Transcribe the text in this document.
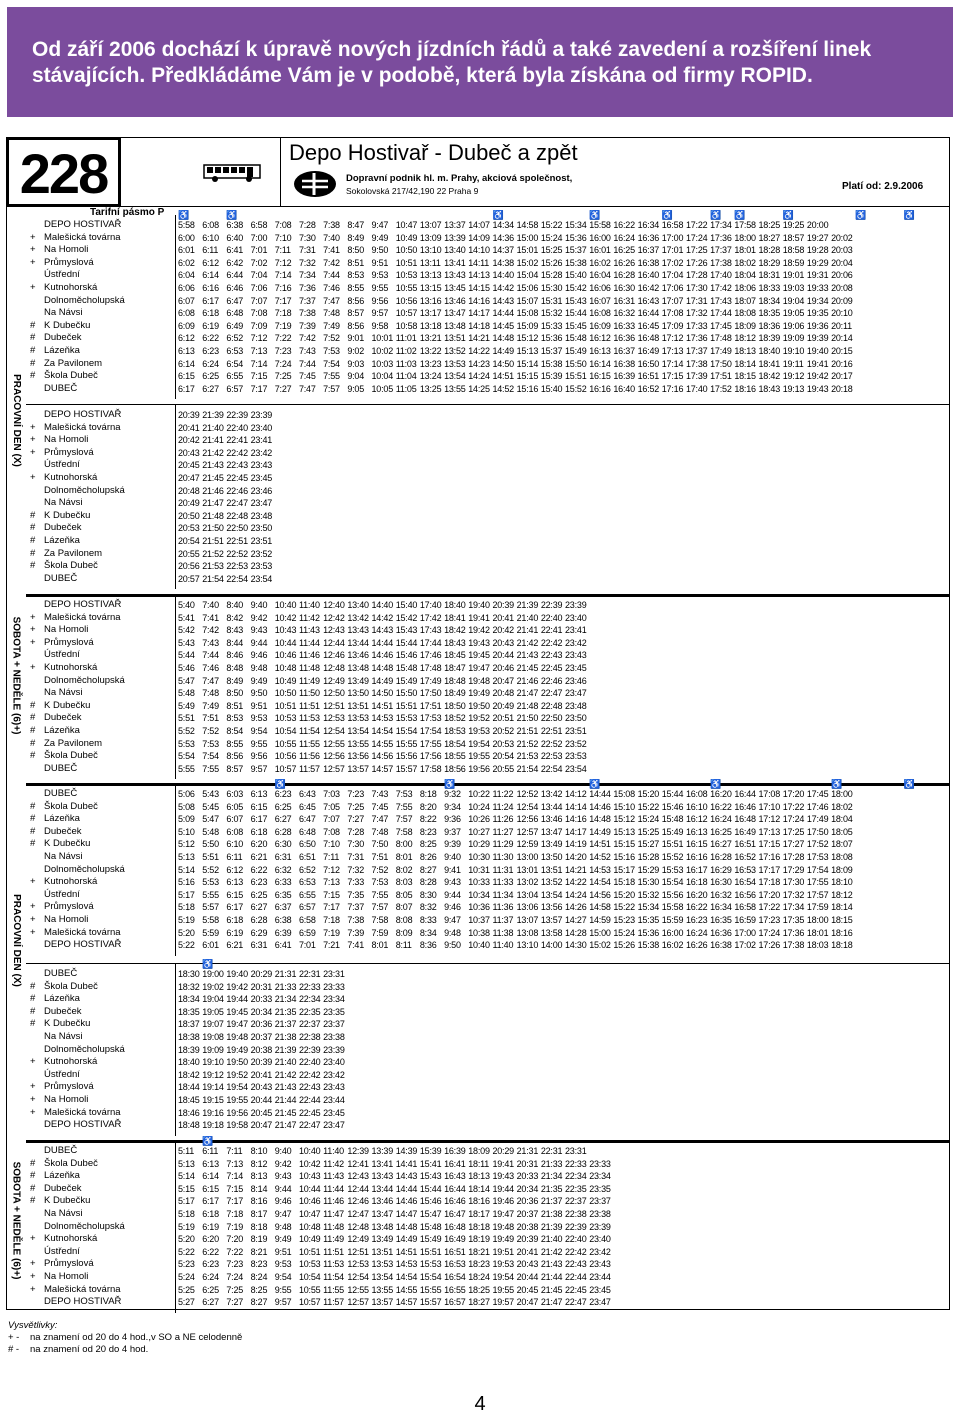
Od září 2006 dochází k úpravě nových jízdních řádů a také zavedení a rozšíření linek stávajících. Předkládáme Vám je v podobě, která byla získána od firmy ROPID.
228	Depo Hostivař - Dubeč a zpět
Dopravní podnik hl. m. Prahy, akciová společnost,
Sokolovská 217/42,190 22 Praha 9	Platí od: 2.9.2006
Tarifní pásmo P
PRACOVNÍ DEN (X)
SOBOTA + NEDĚLE (6)+)
PRACOVNÍ DEN (X)
SOBOTA + NEDĚLE (6)+)
♿	♿	♿	♿	♿	♿ ♿	♿	♿	♿
DEPO HOSTIVAŘ	5:58 6:08 6:38 6:58 7:08 7:28 7:38 8:47 9:47 10:47 13:07 13:37 14:07 14:34 14:58 15:22 15:34 15:58 16:22 16:34 16:58 17:22 17:34 17:58 18:25 19:25 20:00
+ Malešická továrna	6:00 6:10 6:40 7:00 7:10 7:30 7:40 8:49 9:49 10:49 13:09 13:39 14:09 14:36 15:00 15:24 15:36 16:00 16:24 16:36 17:00 17:24 17:36 18:00 18:27 18:57 19:27 20:02
+ Na Homoli	6:01 6:11 6:41 7:01 7:11 7:31 7:41 8:50 9:50 10:50 13:10 13:40 14:10 14:37 15:01 15:25 15:37 16:01 16:25 16:37 17:01 17:25 17:37 18:01 18:28 18:58 19:28 20:03
+ Průmyslová	6:02 6:12 6:42 7:02 7:12 7:32 7:42 8:51 9:51 10:51 13:11 13:41 14:11 14:38 15:02 15:26 15:38 16:02 16:26 16:38 17:02 17:26 17:38 18:02 18:29 18:59 19:29 20:04
Ústřední	6:04 6:14 6:44 7:04 7:14 7:34 7:44 8:53 9:53 10:53 13:13 13:43 14:13 14:40 15:04 15:28 15:40 16:04 16:28 16:40 17:04 17:28 17:40 18:04 18:31 19:01 19:31 20:06
+ Kutnohorská	6:06 6:16 6:46 7:06 7:16 7:36 7:46 8:55 9:55 10:55 13:15 13:45 14:15 14:42 15:06 15:30 15:42 16:06 16:30 16:42 17:06 17:30 17:42 18:06 18:33 19:03 19:33 20:08
Dolnoměcholupská	6:07 6:17 6:47 7:07 7:17 7:37 7:47 8:56 9:56 10:56 13:16 13:46 14:16 14:43 15:07 15:31 15:43 16:07 16:31 16:43 17:07 17:31 17:43 18:07 18:34 19:04 19:34 20:09
Na Návsi	6:08 6:18 6:48 7:08 7:18 7:38 7:48 8:57 9:57 10:57 13:17 13:47 14:17 14:44 15:08 15:32 15:44 16:08 16:32 16:44 17:08 17:32 17:44 18:08 18:35 19:05 19:35 20:10
# K Dubečku	6:09 6:19 6:49 7:09 7:19 7:39 7:49 8:56 9:58 10:58 13:18 13:48 14:18 14:45 15:09 15:33 15:45 16:09 16:33 16:45 17:09 17:33 17:45 18:09 18:36 19:06 19:36 20:11
# Dubeček	6:12 6:22 6:52 7:12 7:22 7:42 7:52 9:01 10:01 11:01 13:21 13:51 14:21 14:48 15:12 15:36 15:48 16:12 16:36 16:48 17:12 17:36 17:48 18:12 18:39 19:09 19:39 20:14
# Lázeňka	6:13 6:23 6:53 7:13 7:23 7:43 7:53 9:02 10:02 11:02 13:22 13:52 14:22 14:49 15:13 15:37 15:49 16:13 16:37 16:49 17:13 17:37 17:49 18:13 18:40 19:10 19:40 20:15
# Za Pavilonem	6:14 6:24 6:54 7:14 7:24 7:44 7:54 9:03 10:03 11:03 13:23 13:53 14:23 14:50 15:14 15:38 15:50 16:14 16:38 16:50 17:14 17:38 17:50 18:14 18:41 19:11 19:41 20:16
# Škola Dubeč	6:15 6:25 6:55 7:15 7:25 7:45 7:55 9:04 10:04 11:04 13:24 13:54 14:24 14:51 15:15 15:39 15:51 16:15 16:39 16:51 17:15 17:39 17:51 18:15 18:42 19:12 19:42 20:17
DUBEČ	6:17 6:27 6:57 7:17 7:27 7:47 7:57 9:05 10:05 11:05 13:25 13:55 14:25 14:52 15:16 15:40 15:52 16:16 16:40 16:52 17:16 17:40 17:52 18:16 18:43 19:13 19:43 20:18
DEPO HOSTIVAŘ	20:39 21:39 22:39 23:39
+ Malešická továrna	20:41 21:40 22:40 23:40
+ Na Homoli	20:42 21:41 22:41 23:41
+ Průmyslová	20:43 21:42 22:42 23:42
Ústřední	20:45 21:43 22:43 23:43
+ Kutnohorská	20:47 21:45 22:45 23:45
Dolnoměcholupská	20:48 21:46 22:46 23:46
Na Návsi	20:49 21:47 22:47 23:47
# K Dubečku	20:50 21:48 22:48 23:48
# Dubeček	20:53 21:50 22:50 23:50
# Lázeňka	20:54 21:51 22:51 23:51
# Za Pavilonem	20:55 21:52 22:52 23:52
# Škola Dubeč	20:56 21:53 22:53 23:53
DUBEČ	20:57 21:54 22:54 23:54
DEPO HOSTIVAŘ	5:40 7:40 8:40 9:40 10:40 11:40 12:40 13:40 14:40 15:40 17:40 18:40 19:40 20:39 21:39 22:39 23:39
+ Malešická továrna	5:41 7:41 8:42 9:42 10:42 11:42 12:42 13:42 14:42 15:42 17:42 18:41 19:41 20:41 21:40 22:40 23:40
+ Na Homoli	5:42 7:42 8:43 9:43 10:43 11:43 12:43 13:43 14:43 15:43 17:43 18:42 19:42 20:42 21:41 22:41 23:41
+ Průmyslová	5:43 7:43 8:44 9:44 10:44 11:44 12:44 13:44 14:44 15:44 17:44 18:43 19:43 20:43 21:42 22:42 23:42
Ústřední	5:44 7:44 8:46 9:46 10:46 11:46 12:46 13:46 14:46 15:46 17:46 18:45 19:45 20:44 21:43 22:43 23:43
+ Kutnohorská	5:46 7:46 8:48 9:48 10:48 11:48 12:48 13:48 14:48 15:48 17:48 18:47 19:47 20:46 21:45 22:45 23:45
Dolnoměcholupská	5:47 7:47 8:49 9:49 10:49 11:49 12:49 13:49 14:49 15:49 17:49 18:48 19:48 20:47 21:46 22:46 23:46
Na Návsi	5:48 7:48 8:50 9:50 10:50 11:50 12:50 13:50 14:50 15:50 17:50 18:49 19:49 20:48 21:47 22:47 23:47
# K Dubečku	5:49 7:49 8:51 9:51 10:51 11:51 12:51 13:51 14:51 15:51 17:51 18:50 19:50 20:49 21:48 22:48 23:48
# Dubeček	5:51 7:51 8:53 9:53 10:53 11:53 12:53 13:53 14:53 15:53 17:53 18:52 19:52 20:51 21:50 22:50 23:50
# Lázeňka	5:52 7:52 8:54 9:54 10:54 11:54 12:54 13:54 14:54 15:54 17:54 18:53 19:53 20:52 21:51 22:51 23:51
# Za Pavilonem	5:53 7:53 8:55 9:55 10:55 11:55 12:55 13:55 14:55 15:55 17:55 18:54 19:54 20:53 21:52 22:52 23:52
# Škola Dubeč	5:54 7:54 8:56 9:56 10:56 11:56 12:56 13:56 14:56 15:56 17:56 18:55 19:55 20:54 21:53 22:53 23:53
DUBEČ	5:55 7:55 8:57 9:57 10:57 11:57 12:57 13:57 14:57 15:57 17:58 18:56 19:56 20:55 21:54 22:54 23:54
♿	♿	♿	♿	♿	♿
DUBEČ	5:06 5:43 6:03 6:13 6:23 6:43 7:03 7:23 7:43 7:53 8:18 9:32 10:22 11:22 12:52 13:42 14:12 14:44 15:08 15:20 15:44 16:08 16:20 16:44 17:08 17:20 17:45 18:00
# Škola Dubeč	5:08 5:45 6:05 6:15 6:25 6:45 7:05 7:25 7:45 7:55 8:20 9:34 10:24 11:24 12:54 13:44 14:14 14:46 15:10 15:22 15:46 16:10 16:22 16:46 17:10 17:22 17:46 18:02
# Lázeňka	5:09 5:47 6:07 6:17 6:27 6:47 7:07 7:27 7:47 7:57 8:22 9:36 10:26 11:26 12:56 13:46 14:16 14:48 15:12 15:24 15:48 16:12 16:24 16:48 17:12 17:24 17:49 18:04
# Dubeček	5:10 5:48 6:08 6:18 6:28 6:48 7:08 7:28 7:48 7:58 8:23 9:37 10:27 11:27 12:57 13:47 14:17 14:49 15:13 15:25 15:49 16:13 16:25 16:49 17:13 17:25 17:50 18:05
# K Dubečku	5:12 5:50 6:10 6:20 6:30 6:50 7:10 7:30 7:50 8:00 8:25 9:39 10:29 11:29 12:59 13:49 14:19 14:51 15:15 15:27 15:51 16:15 16:27 16:51 17:15 17:27 17:52 18:07
Na Návsi	5:13 5:51 6:11 6:21 6:31 6:51 7:11 7:31 7:51 8:01 8:26 9:40 10:30 11:30 13:00 13:50 14:20 14:52 15:16 15:28 15:52 16:16 16:28 16:52 17:16 17:28 17:53 18:08
Dolnoměcholupská	5:14 5:52 6:12 6:22 6:32 6:52 7:12 7:32 7:52 8:02 8:27 9:41 10:31 11:31 13:01 13:51 14:21 14:53 15:17 15:29 15:53 16:17 16:29 16:53 17:17 17:29 17:54 18:09
+ Kutnohorská	5:16 5:53 6:13 6:23 6:33 6:53 7:13 7:33 7:53 8:03 8:28 9:43 10:33 11:33 13:02 13:52 14:22 14:54 15:18 15:30 15:54 16:18 16:30 16:54 17:18 17:30 17:55 18:10
Ústřední	5:17 5:55 6:15 6:25 6:35 6:55 7:15 7:35 7:55 8:05 8:30 9:44 10:34 11:34 13:04 13:54 14:24 14:56 15:20 15:32 15:56 16:20 16:32 16:56 17:20 17:32 17:57 18:12
+ Průmyslová	5:18 5:57 6:17 6:27 6:37 6:57 7:17 7:37 7:57 8:07 8:32 9:46 10:36 11:36 13:06 13:56 14:26 14:58 15:22 15:34 15:58 16:22 16:34 16:58 17:22 17:34 17:59 18:14
+ Na Homoli	5:19 5:58 6:18 6:28 6:38 6:58 7:18 7:38 7:58 8:08 8:33 9:47 10:37 11:37 13:07 13:57 14:27 14:59 15:23 15:35 15:59 16:23 16:35 16:59 17:23 17:35 18:00 18:15
+ Malešická továrna	5:20 5:59 6:19 6:29 6:39 6:59 7:19 7:39 7:59 8:09 8:34 9:48 10:38 11:38 13:08 13:58 14:28 15:00 15:24 15:36 16:00 16:24 16:36 17:00 17:24 17:36 18:01 18:16
DEPO HOSTIVAŘ	5:22 6:01 6:21 6:31 6:41 7:01 7:21 7:41 8:01 8:11 8:36 9:50 10:40 11:40 13:10 14:00 14:30 15:02 15:26 15:38 16:02 16:26 16:38 17:02 17:26 17:38 18:03 18:18
♿
DUBEČ	18:30 19:00 19:40 20:29 21:31 22:31 23:31
# Škola Dubeč	18:32 19:02 19:42 20:31 21:33 22:33 23:33
# Lázeňka	18:34 19:04 19:44 20:33 21:34 22:34 23:34
# Dubeček	18:35 19:05 19:45 20:34 21:35 22:35 23:35
# K Dubečku	18:37 19:07 19:47 20:36 21:37 22:37 23:37
Na Návsi	18:38 19:08 19:48 20:37 21:38 22:38 23:38
Dolnoměcholupská	18:39 19:09 19:49 20:38 21:39 22:39 23:39
+ Kutnohorská	18:40 19:10 19:50 20:39 21:40 22:40 23:40
Ústřední	18:42 19:12 19:52 20:41 21:42 22:42 23:42
+ Průmyslová	18:44 19:14 19:54 20:43 21:43 22:43 23:43
+ Na Homoli	18:45 19:15 19:55 20:44 21:44 22:44 23:44
+ Malešická továrna	18:46 19:16 19:56 20:45 21:45 22:45 23:45
DEPO HOSTIVAŘ	18:48 19:18 19:58 20:47 21:47 22:47 23:47
♿
DUBEČ	5:11 6:11 7:11 8:10 9:40 10:40 11:40 12:39 13:39 14:39 15:39 16:39 18:09 20:29 21:31 22:31 23:31
# Škola Dubeč	5:13 6:13 7:13 8:12 9:42 10:42 11:42 12:41 13:41 14:41 15:41 16:41 18:11 19:41 20:31 21:33 22:33 23:33
# Lázeňka	5:14 6:14 7:14 8:13 9:43 10:43 11:43 12:43 13:43 14:43 15:43 16:43 18:13 19:43 20:33 21:34 22:34 23:34
# Dubeček	5:15 6:15 7:15 8:14 9:44 10:44 11:44 12:44 13:44 14:44 15:44 16:44 18:14 19:44 20:34 21:35 22:35 23:35
# K Dubečku	5:17 6:17 7:17 8:16 9:46 10:46 11:46 12:46 13:46 14:46 15:46 16:46 18:16 19:46 20:36 21:37 22:37 23:37
Na Návsi	5:18 6:18 7:18 8:17 9:47 10:47 11:47 12:47 13:47 14:47 15:47 16:47 18:17 19:47 20:37 21:38 22:38 23:38
Dolnoměcholupská	5:19 6:19 7:19 8:18 9:48 10:48 11:48 12:48 13:48 14:48 15:48 16:48 18:18 19:48 20:38 21:39 22:39 23:39
+ Kutnohorská	5:20 6:20 7:20 8:19 9:49 10:49 11:49 12:49 13:49 14:49 15:49 16:49 18:19 19:49 20:39 21:40 22:40 23:40
Ústřední	5:22 6:22 7:22 8:21 9:51 10:51 11:51 12:51 13:51 14:51 15:51 16:51 18:21 19:51 20:41 21:42 22:42 23:42
+ Průmyslová	5:23 6:23 7:23 8:23 9:53 10:53 11:53 12:53 13:53 14:53 15:53 16:53 18:23 19:53 20:43 21:43 22:43 23:43
+ Na Homoli	5:24 6:24 7:24 8:24 9:54 10:54 11:54 12:54 13:54 14:54 15:54 16:54 18:24 19:54 20:44 21:44 22:44 23:44
+ Malešická továrna	5:25 6:25 7:25 8:25 9:55 10:55 11:55 12:55 13:55 14:55 15:55 16:55 18:25 19:55 20:45 21:45 22:45 23:45
DEPO HOSTIVAŘ	5:27 6:27 7:27 8:27 9:57 10:57 11:57 12:57 13:57 14:57 15:57 16:57 18:27 19:57 20:47 21:47 22:47 23:47
Vysvětlivky:
+ - na znamení od 20 do 4 hod.,v SO a NE celodenně
# - na znamení od 20 do 4 hod.
4
